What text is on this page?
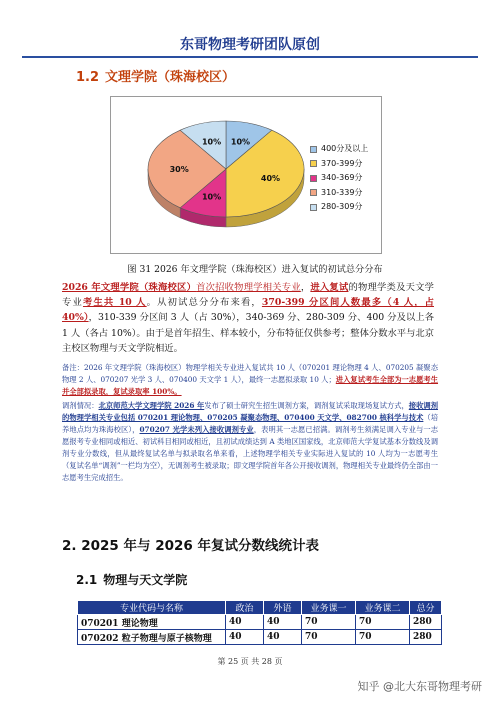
东哥物理考研团队原创
1.2 文理学院（珠海校区）
10%
40%
10%
30%
10%
400分及以上
370-399分
340-369分
310-339分
280-309分
图 31 2026 年文理学院（珠海校区）进入复试的初试总分分布
2026 年文理学院（珠海校区）首次招收物理学相关专业，进入复试的物理学类及天文学专业考生共 10 人。从初试总分分布来看，370-399 分区间人数最多（4 人，占 40%），310-339 分区间 3 人（占 30%），340-369 分、280-309 分、400 分及以上各 1 人（各占 10%）。由于是首年招生、样本较小，分布特征仅供参考；整体分数水平与北京主校区物理与天文学院相近。
备注：2026 年文理学院（珠海校区）物理学相关专业进入复试共 10 人（070201 理论物理 4 人、070205 凝聚态物理 2 人、070207 光学 3 人、070400 天文学 1 人），最终一志愿拟录取 10 人；进入复试考生全部为一志愿考生并全部拟录取，复试录取率 100%。
调剂情况：北京师范大学文理学院 2026 年发布了硕士研究生招生调剂方案，调剂复试采取现场复试方式，接收调剂的物理学相关专业包括 070201 理论物理、070205 凝聚态物理、070400 天文学、082700 核科学与技术（培养地点均为珠海校区），070207 光学未列入接收调剂专业，表明其一志愿已招满。调剂考生须满足调入专业与一志愿报考专业相同或相近、初试科目相同或相近，且初试成绩达到 A 类地区国家线，北京师范大学复试基本分数线及调剂专业分数线，但从最终复试名单与拟录取名单来看，上述物理学相关专业实际进入复试的 10 人均为一志愿考生（复试名单“调剂”一栏均为空），无调剂考生被录取；即文理学院首年各公开接收调剂，物理相关专业最终仍全部由一志愿考生完成招生。
2. 2025 年与 2026 年复试分数线统计表
2.1 物理与天文学院
专业代码与名称	政治	外语	业务课一	业务课二	总分
070201 理论物理	40	40	70	70	280
070202 粒子物理与原子核物理	40	40	70	70	280
第 25 页 共 28 页
知乎 @北大东哥物理考研
